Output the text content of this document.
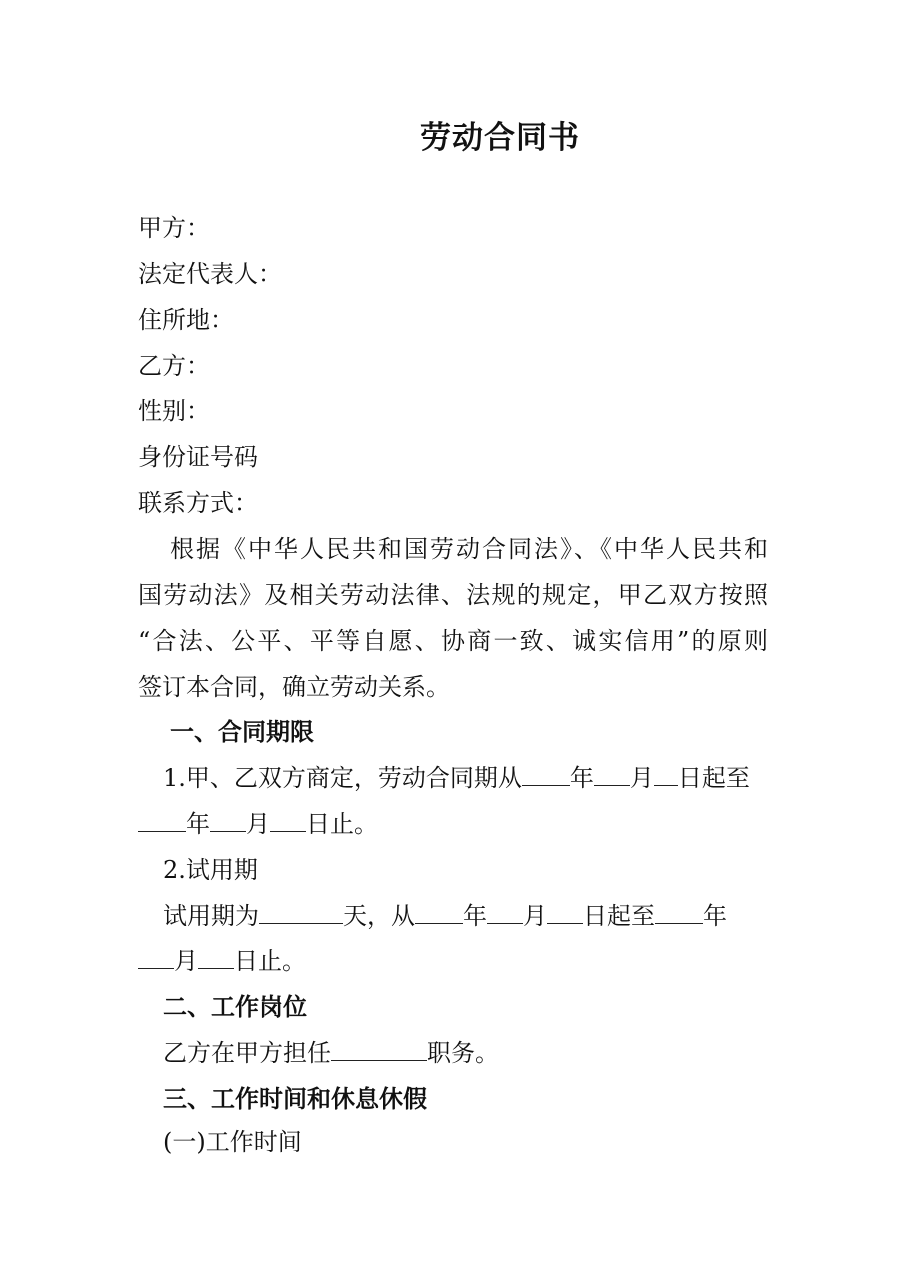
劳动合同书
甲方：
法定代表人：
住所地：
乙方：
性别：
身份证号码
联系方式：
根据《中华人民共和国劳动合同法》、《中华人民共和
国劳动法》及相关劳动法律、法规的规定，甲乙双方按照
“合法、公平、平等自愿、协商一致、诚实信用”的原则
签订本合同，确立劳动关系。
一、合同期限
1.甲、乙双方商定，劳动合同期从 年 月 日起至
年 月 日止。
2.试用期
试用期为	天，从 年 月 日起至 年
月 日止。
二、工作岗位
乙方在甲方担任	职务。
三、工作时间和休息休假
(一)工作时间
